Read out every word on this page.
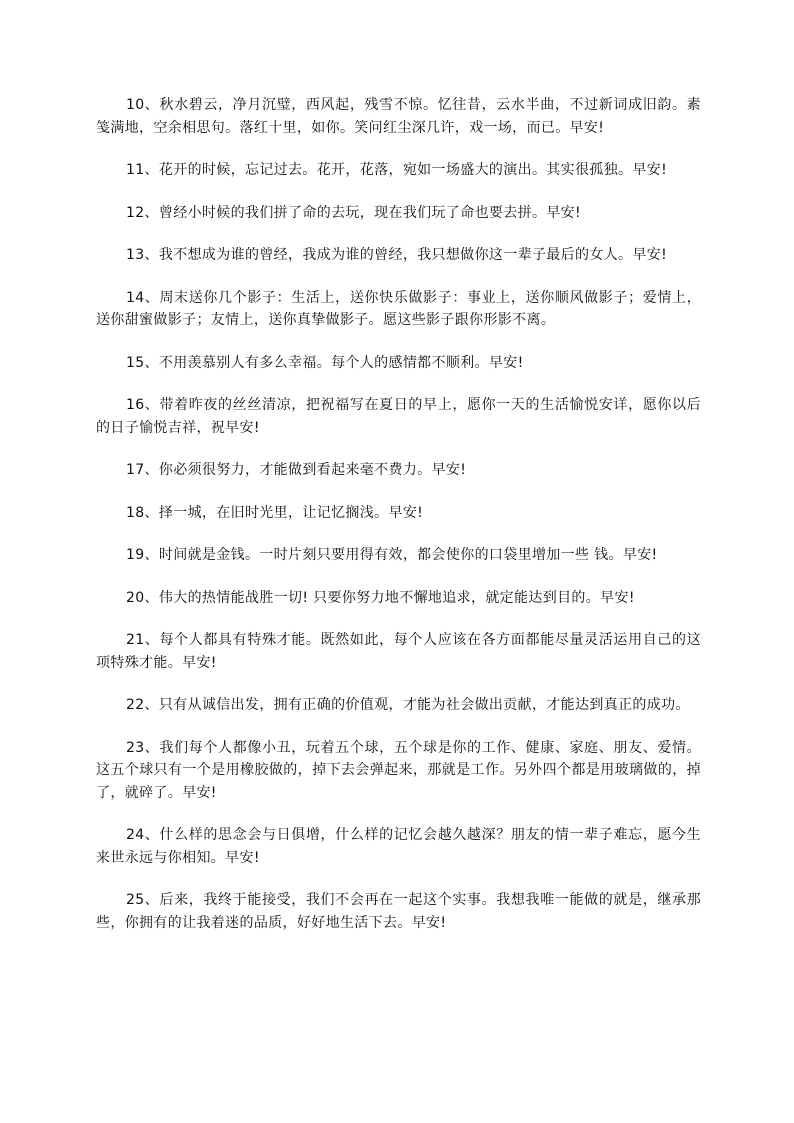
10、秋水碧云，净月沉璧，西风起，残雪不惊。忆往昔，云水半曲，不过新词成旧韵。素笺满地，空余相思句。落红十里，如你。笑问红尘深几许，戏一场，而已。早安!

11、花开的时候，忘记过去。花开，花落，宛如一场盛大的演出。其实很孤独。早安!

12、曾经小时候的我们拼了命的去玩，现在我们玩了命也要去拼。早安!

13、我不想成为谁的曾经，我成为谁的曾经，我只想做你这一辈子最后的女人。早安!

14、周末送你几个影子：生活上，送你快乐做影子：事业上，送你顺风做影子；爱情上，送你甜蜜做影子；友情上，送你真挚做影子。愿这些影子跟你形影不离。

15、不用羡慕别人有多么幸福。每个人的感情都不顺利。早安!

16、带着昨夜的丝丝清凉，把祝福写在夏日的早上，愿你一天的生活愉悦安详，愿你以后的日子愉悦吉祥，祝早安!

17、你必须很努力，才能做到看起来毫不费力。早安!

18、择一城，在旧时光里，让记忆搁浅。早安!

19、时间就是金钱。一时片刻只要用得有效，都会使你的口袋里增加一些 钱。早安!

20、伟大的热情能战胜一切! 只要你努力地不懈地追求，就定能达到目的。早安!

21、每个人都具有特殊才能。既然如此，每个人应该在各方面都能尽量灵活运用自己的这项特殊才能。早安!

22、只有从诚信出发，拥有正确的价值观，才能为社会做出贡献，才能达到真正的成功。

23、我们每个人都像小丑，玩着五个球，五个球是你的工作、健康、家庭、朋友、爱情。这五个球只有一个是用橡胶做的，掉下去会弹起来，那就是工作。另外四个都是用玻璃做的，掉了，就碎了。早安!

24、什么样的思念会与日俱增，什么样的记忆会越久越深？朋友的情一辈子难忘，愿今生来世永远与你相知。早安!

25、后来，我终于能接受，我们不会再在一起这个实事。我想我唯一能做的就是，继承那些，你拥有的让我着迷的品质，好好地生活下去。早安!
